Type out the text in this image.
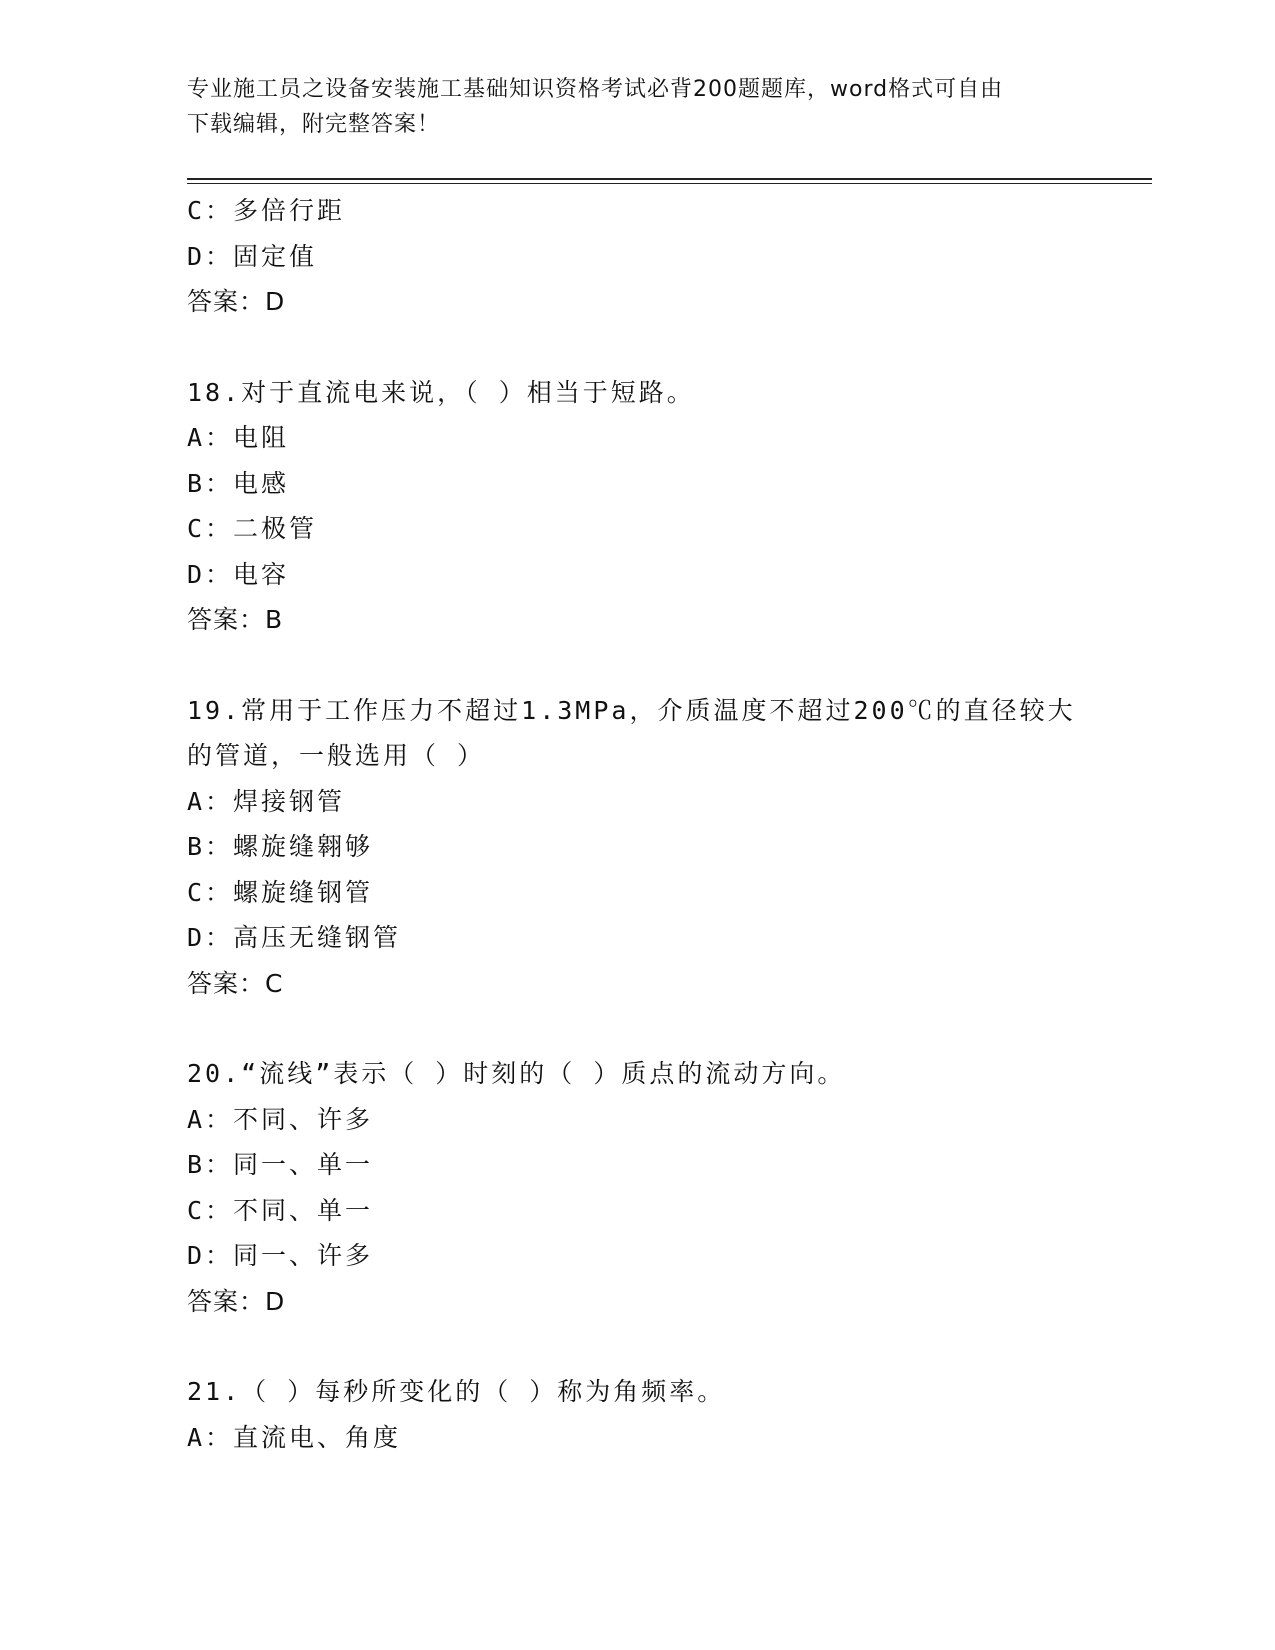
专业施工员之设备安装施工基础知识资格考试必背200题题库，word格式可自由
下载编辑，附完整答案！
C：多倍行距
D：固定值
答案：D
18.对于直流电来说，（ ）相当于短路。
A：电阻
B：电感
C：二极管
D：电容
答案：B
19.常用于工作压力不超过1.3MPa，介质温度不超过200℃的直径较大
的管道，一般选用（ ）
A：焊接钢管
B：螺旋缝翱够
C：螺旋缝钢管
D：高压无缝钢管
答案：C
20.“流线”表示（ ）时刻的（ ）质点的流动方向。
A：不同、许多
B：同一、单一
C：不同、单一
D：同一、许多
答案：D
21.（ ）每秒所变化的（ ）称为角频率。
A：直流电、角度
